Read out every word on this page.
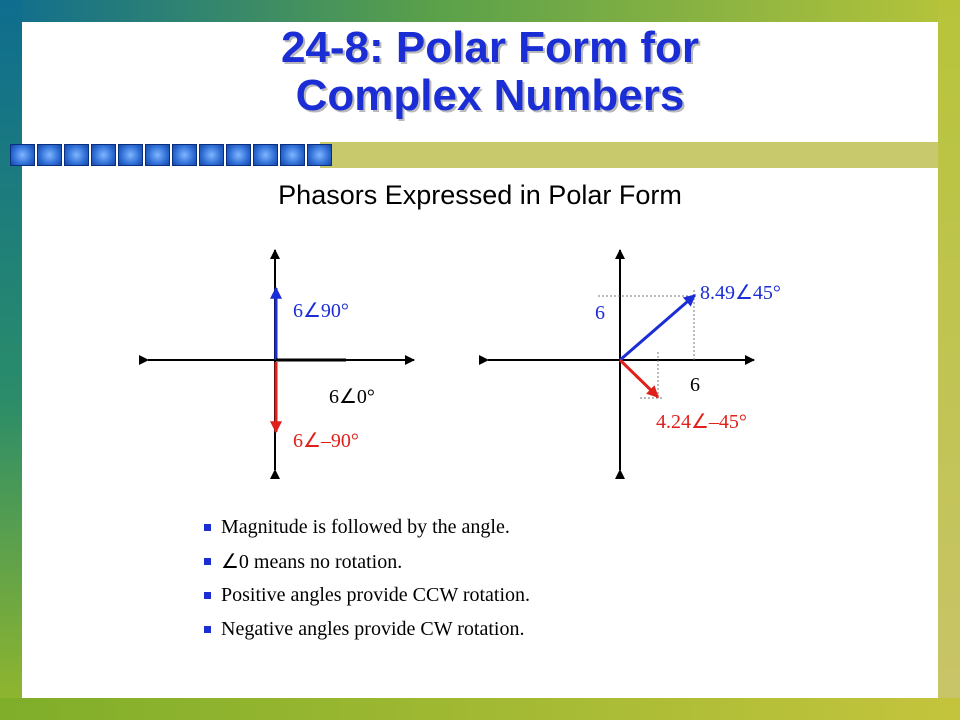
24-8: Polar Form for
Complex Numbers
Phasors Expressed in Polar Form
6∠90°
6∠0°
6∠–90°
6
6
8.49∠45°
4.24∠–45°
Magnitude is followed by the angle.
∠0 means no rotation.
Positive angles provide CCW rotation.
Negative angles provide CW rotation.
